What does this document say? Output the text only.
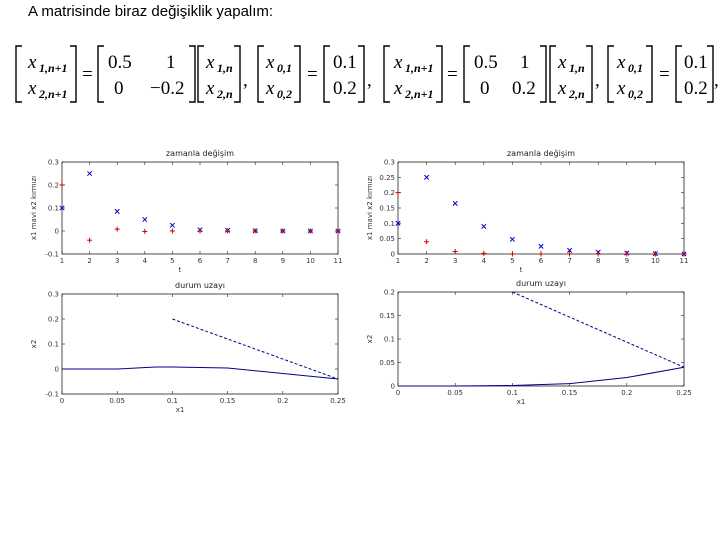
A matrisinde biraz değişiklik yapalım:
x 1,n+1
x 2,n+1
=
0.5 1
0 −0.2
x 1,n
x 2,n
,
x 0,1
x 0,2
=
0.1
0.2 ,
x 1,n+1
x 2,n+1
=
0.5 1
0 0.2
x 1,n
x 2,n
,
x 0,1
x 0,2
=
0.1
0.2 ,
1	2	3	4	5	6	7	8	9	10	11
-0.1
0
0.1
0.2
0.3
zamanla değişim
t
x1 mavi x2 kırmızı
1	2	3	4	5	6	7	8	9	10	11
0
0.05
0.1
0.15
0.2
0.25
0.3
zamanla değişim
t
x1 mavi x2 kırmızı
0	0.05	0.1	0.15	0.2	0.25
-0.1
0
0.1
0.2
0.3
durum uzayı
x1
x2
0	0.05	0.1	0.15	0.2	0.25
0
0.05
0.1
0.15
0.2
durum uzayı
x1
x2
